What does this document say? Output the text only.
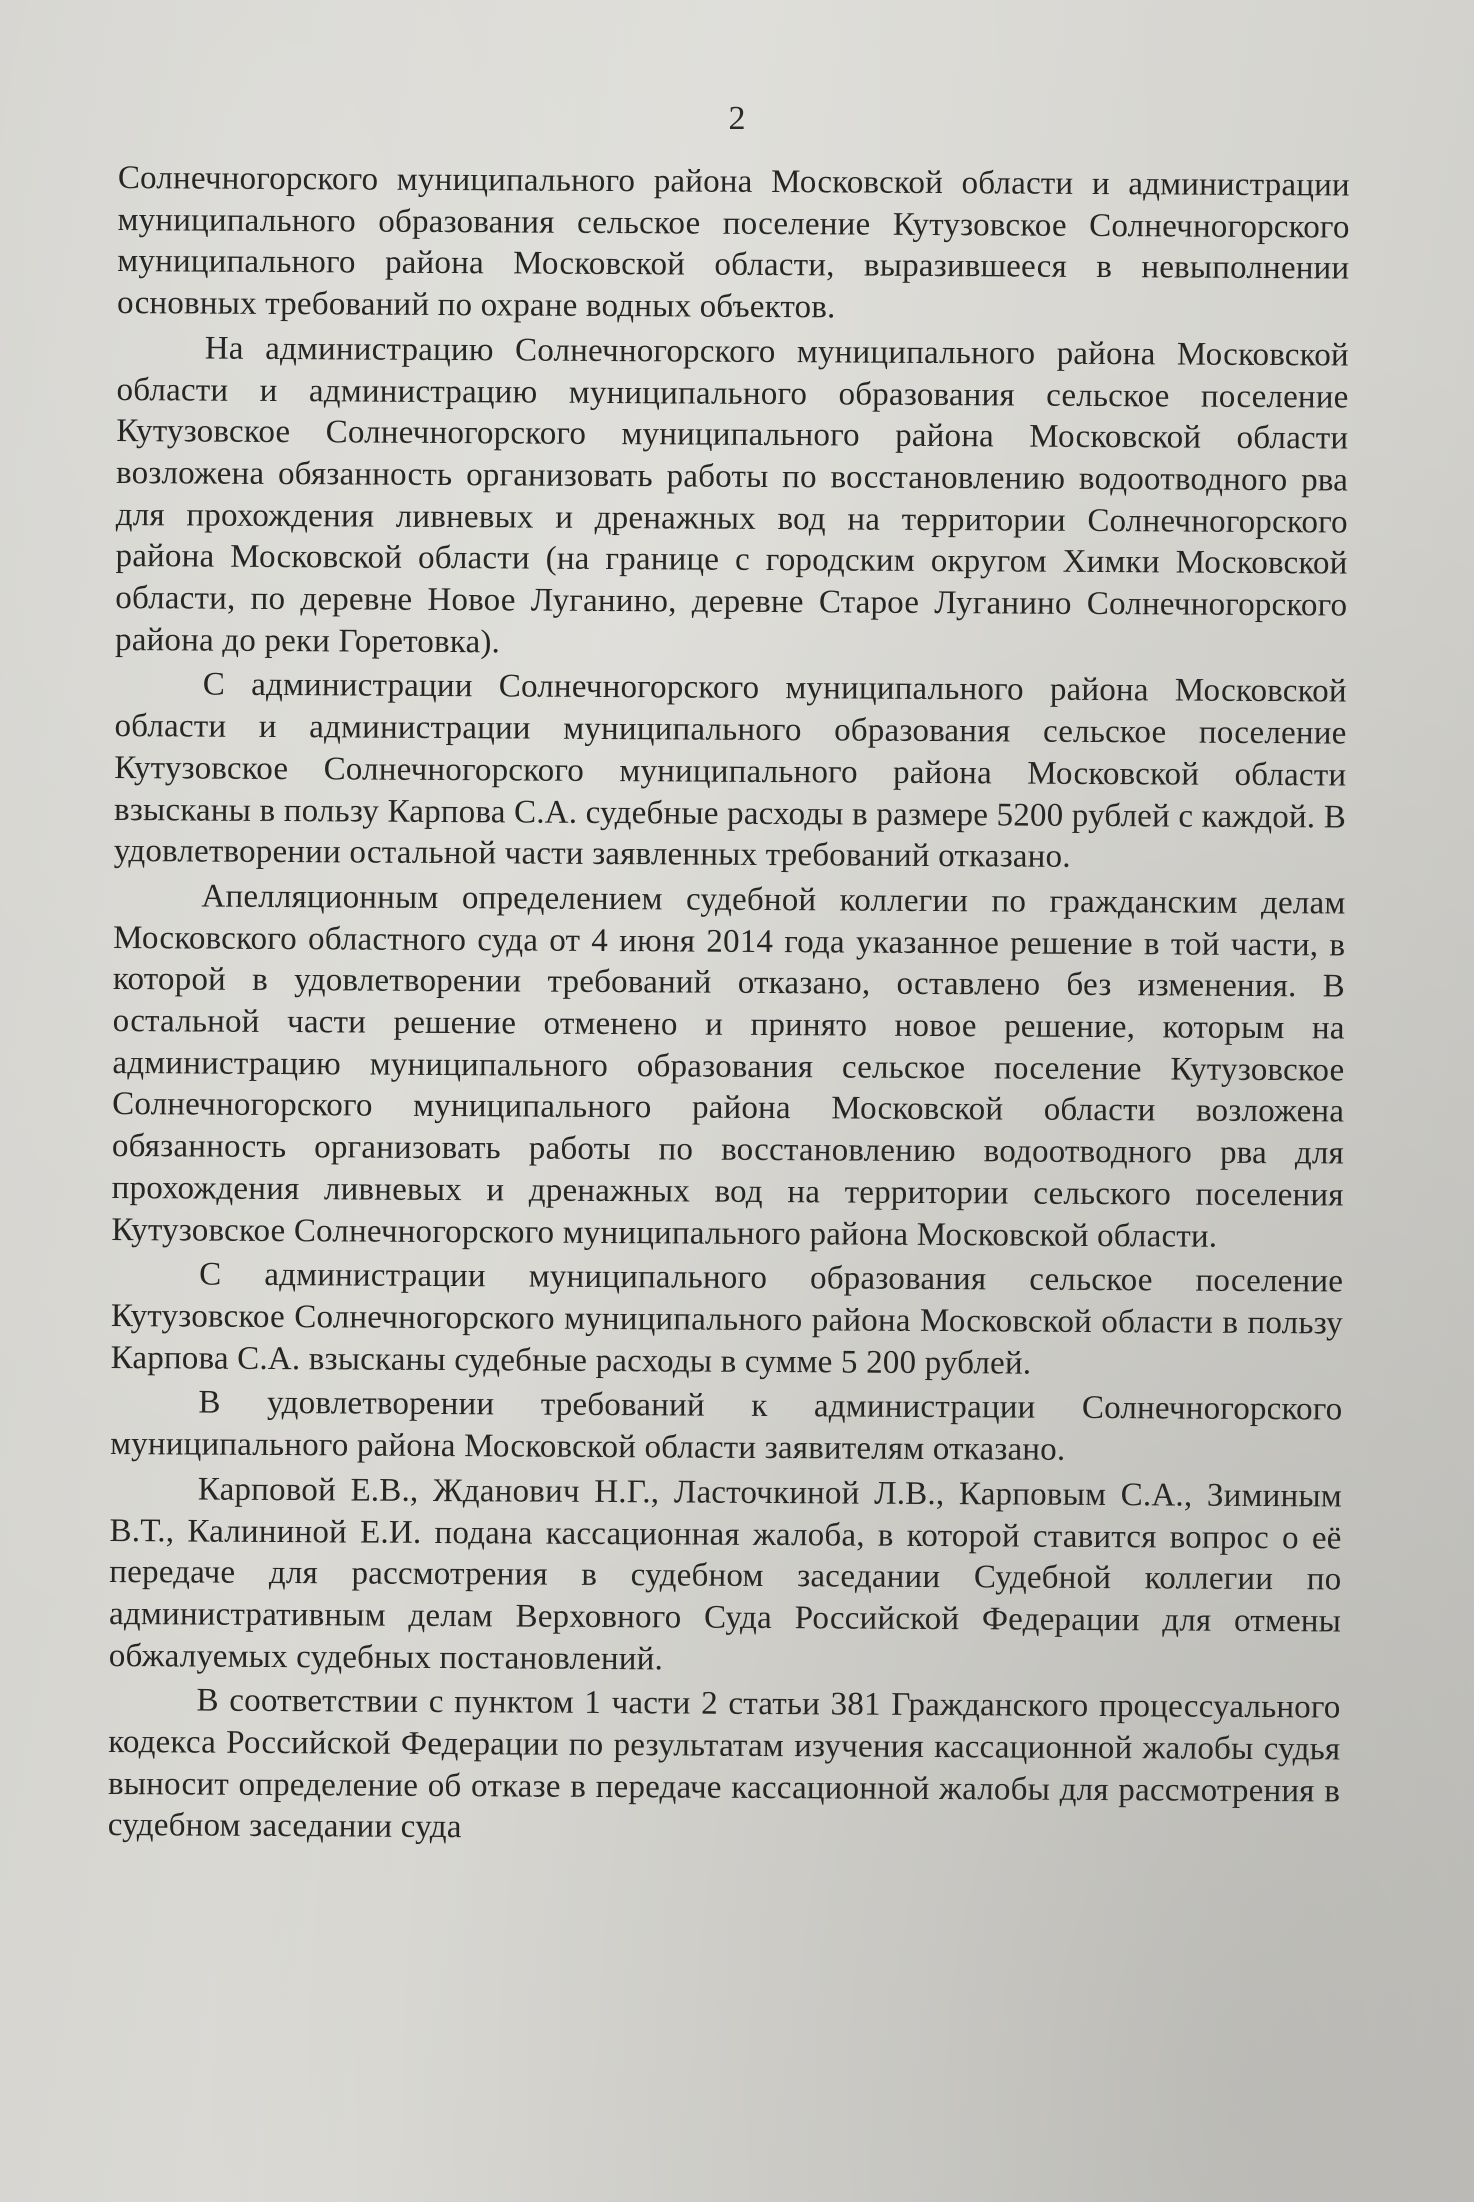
2

Солнечногорского муниципального района Московской области и администрации муниципального образования сельское поселение Кутузовское Солнечногорского муниципального района Московской области, выразившееся в невыполнении основных требований по охране водных объектов.

На администрацию Солнечногорского муниципального района Московской области и администрацию муниципального образования сельское поселение Кутузовское Солнечногорского муниципального района Московской области возложена обязанность организовать работы по восстановлению водоотводного рва для прохождения ливневых и дренажных вод на территории Солнечногорского района Московской области (на границе с городским округом Химки Московской области, по деревне Новое Луганино, деревне Старое Луганино Солнечногорского района до реки Горетовка).

С администрации Солнечногорского муниципального района Московской области и администрации муниципального образования сельское поселение Кутузовское Солнечногорского муниципального района Московской области взысканы в пользу Карпова С.А. судебные расходы в размере 5200 рублей с каждой. В удовлетворении остальной части заявленных требований отказано.

Апелляционным определением судебной коллегии по гражданским делам Московского областного суда от 4 июня 2014 года указанное решение в той части, в которой в удовлетворении требований отказано, оставлено без изменения. В остальной части решение отменено и принято новое решение, которым на администрацию муниципального образования сельское поселение Кутузовское Солнечногорского муниципального района Московской области возложена обязанность организовать работы по восстановлению водоотводного рва для прохождения ливневых и дренажных вод на территории сельского поселения Кутузовское Солнечногорского муниципального района Московской области.

С администрации муниципального образования сельское поселение Кутузовское Солнечногорского муниципального района Московской области в пользу Карпова С.А. взысканы судебные расходы в сумме 5 200 рублей.

В удовлетворении требований к администрации Солнечногорского муниципального района Московской области заявителям отказано.

Карповой Е.В., Жданович Н.Г., Ласточкиной Л.В., Карповым С.А., Зиминым В.Т., Калининой Е.И. подана кассационная жалоба, в которой ставится вопрос о её передаче для рассмотрения в судебном заседании Судебной коллегии по административным делам Верховного Суда Российской Федерации для отмены обжалуемых судебных постановлений.

В соответствии с пунктом 1 части 2 статьи 381 Гражданского процессуального кодекса Российской Федерации по результатам изучения кассационной жалобы судья выносит определение об отказе в передаче кассационной жалобы для рассмотрения в судебном заседании суда
